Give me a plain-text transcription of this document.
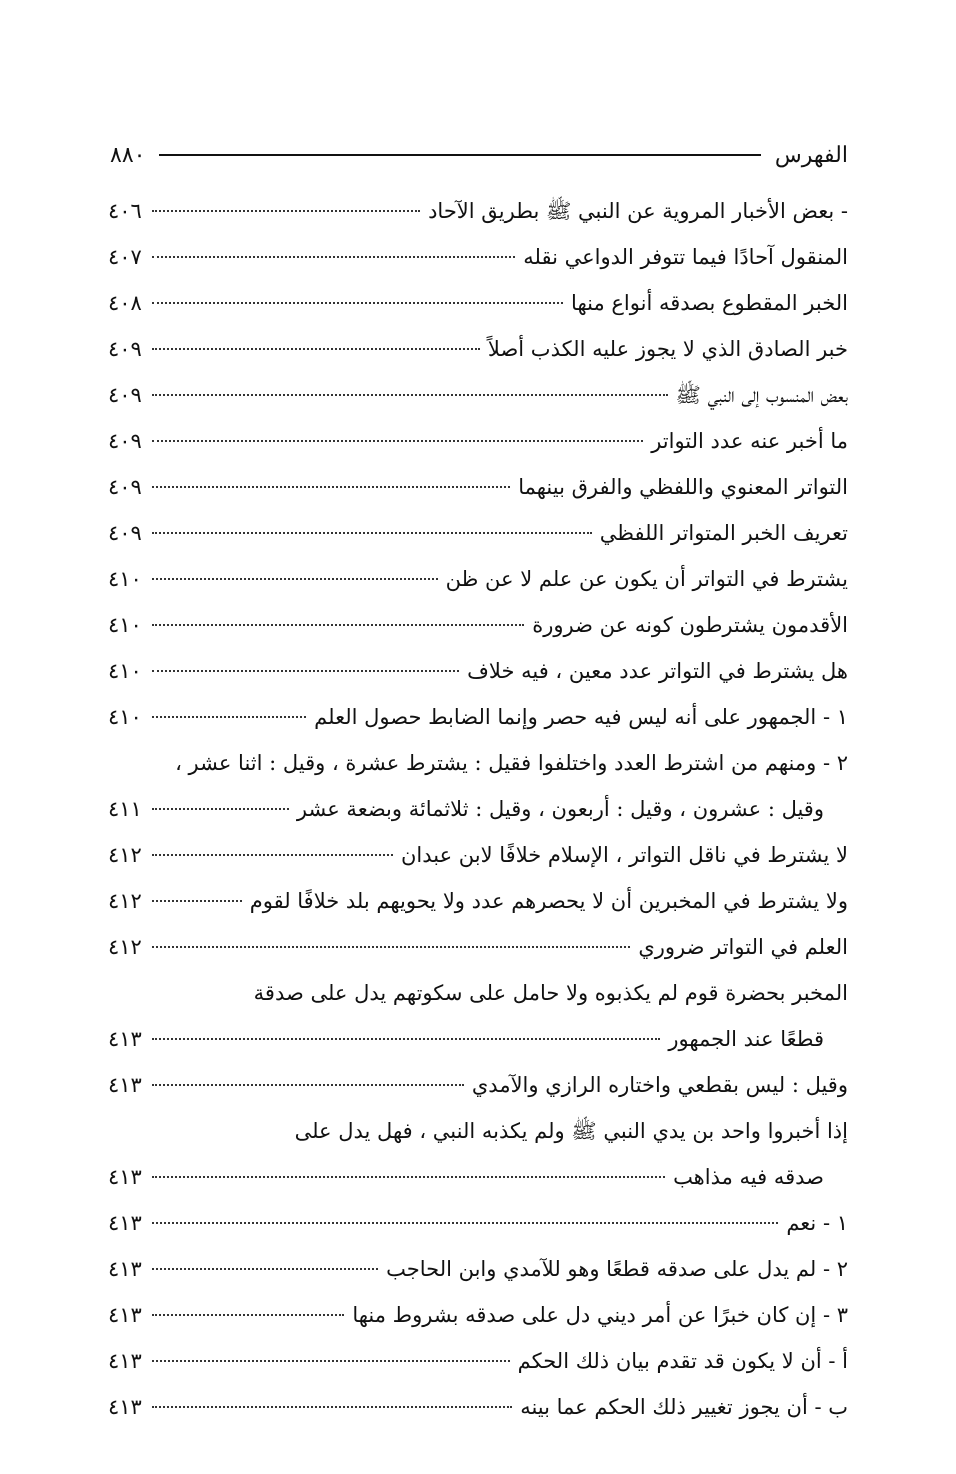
الفهرس
٨٨٠
- بعض الأخبار المروية عن النبي ﷺ بطريق الآحاد
٤٠٦
المنقول آحادًا فيما تتوفر الدواعي نقله
٤٠٧
الخبر المقطوع بصدقه أنواع منها
٤٠٨
خبر الصادق الذي لا يجوز عليه الكذب أصلاً
٤٠٩
بعض المنسوب إلى النبي ﷺ
٤٠٩
ما أخبر عنه عدد التواتر
٤٠٩
التواتر المعنوي واللفظي والفرق بينهما
٤٠٩
تعريف الخبر المتواتر اللفظي
٤٠٩
يشترط في التواتر أن يكون عن علم لا عن ظن
٤١٠
الأقدمون يشترطون كونه عن ضرورة
٤١٠
هل يشترط في التواتر عدد معين ، فيه خلاف
٤١٠
١ - الجمهور على أنه ليس فيه حصر وإنما الضابط حصول العلم
٤١٠
٢ - ومنهم من اشترط العدد واختلفوا فقيل : يشترط عشرة ، وقيل : اثنا عشر ،
وقيل : عشرون ، وقيل : أربعون ، وقيل : ثلاثمائة وبضعة عشر
٤١١
لا يشترط في ناقل التواتر ، الإسلام خلافًا لابن عبدان
٤١٢
ولا يشترط في المخبرين أن لا يحصرهم عدد ولا يحويهم بلد خلافًا لقوم
٤١٢
العلم في التواتر ضروري
٤١٢
المخبر بحضرة قوم لم يكذبوه ولا حامل على سكوتهم يدل على صدقة
قطعًا عند الجمهور
٤١٣
وقيل : ليس بقطعي واختاره الرازي والآمدي
٤١٣
إذا أخبروا واحد بن يدي النبي ﷺ ولم يكذبه النبي ، فهل يدل على
صدقه فيه مذاهب
٤١٣
١ - نعم
٤١٣
٢ - لم يدل على صدقه قطعًا وهو للآمدي وابن الحاجب
٤١٣
٣ - إن كان خبرًا عن أمر ديني دل على صدقه بشروط منها
٤١٣
أ - أن لا يكون قد تقدم بيان ذلك الحكم
٤١٣
ب - أن يجوز تغيير ذلك الحكم عما بينه
٤١٣
